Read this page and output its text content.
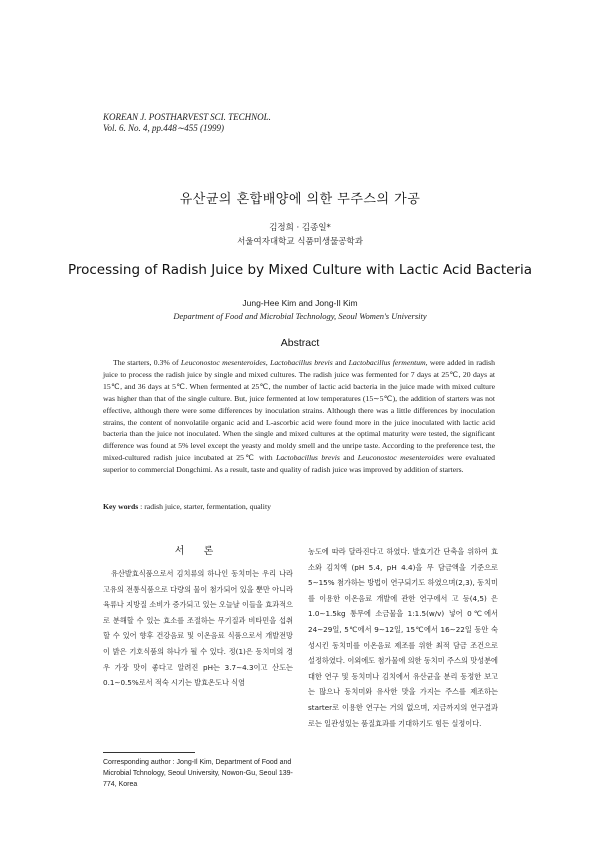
KOREAN J. POSTHARVEST SCI. TECHNOL.
Vol. 6. No. 4, pp.448∼455 (1999)
유산균의 혼합배양에 의한 무주스의 가공
김정희 · 김종일*
서울여자대학교 식품미생물공학과
Processing of Radish Juice by Mixed Culture with Lactic Acid Bacteria
Jung-Hee Kim and Jong-Il Kim
Department of Food and Microbial Technology, Seoul Women's University
Abstract

The starters, 0.3% of Leuconostoc mesenteroides, Lactobacillus brevis and Lactobacillus fermentum, were added in radish juice to process the radish juice by single and mixed cultures. The radish juice was fermented for 7 days at 25℃, 20 days at 15℃, and 36 days at 5℃. When fermented at 25℃, the number of lactic acid bacteria in the juice made with mixed culture was higher than that of the single culture. But, juice fermented at low temperatures (15∼5℃), the addition of starters was not effective, although there were some differences by inoculation strains. Although there was a little differences by inoculation strains, the content of nonvolatile organic acid and L-ascorbic acid were found more in the juice inoculated with lactic acid bacteria than the juice not inoculated. When the single and mixed cultures at the optimal maturity were tested, the significant difference was found at 5% level except the yeasty and moldy smell and the unripe taste. According to the preference test, the mixed-cultured radish juice incubated at 25℃ with Lactobacillus brevis and Leuconostoc mesenteroides were evaluated superior to commercial Dongchimi. As a result, taste and quality of radish juice was improved by addition of starters.

Key words : radish juice, starter, fermentation, quality
서 론

유산발효식품으로서 김치류의 하나인 동치미는 우리 나라 고유의 전통식품으로 다량의 물이 첨가되어 있을 뿐만 아니라 육류나 지방질 소비가 증가되고 있는 오늘날 이들을 효과적으로 분해할 수 있는 효소를 조절하는 무기질과 비타민을 섭취할 수 있어 향후 건강음료 및 이온음료 식품으로서 개발전망이 밝은 기호식품의 하나가 될 수 있다. 정(1)은 동치미의 경우 가장 맛이 좋다고 알려진 pH는 3.7∼4.3이고 산도는 0.1∼0.5%로서 적숙 시기는 발효온도나 식염

농도에 따라 달라진다고 하였다. 발효기간 단축을 위하여 효소와 김치액 (pH 5.4, pH 4.4)을 무 담금액을 기준으로 5∼15% 첨가하는 방법이 연구되기도 하였으며(2,3), 동치미를 이용한 이온음료 개발에 관한 연구에서 고 등(4,5) 은 1.0∼1.5kg 통무에 소금물을 1:1.5(w/v) 넣어 0℃에서 24∼29일, 5℃에서 9∼12일, 15℃에서 16∼22일 동안 숙성시킨 동치미를 이온음료 제조를 위한 최적 담금 조건으로 설정하였다. 이외에도 첨가물에 의한 동치미 주스의 맛성분에 대한 연구 및 동치미나 김치에서 유산균을 분리 동정한 보고는 많으나 동치미와 유사한 맛을 가지는 주스를 제조하는 starter로 이용한 연구는 거의 없으며, 지금까지의 연구결과로는 일관성있는 품질효과를 기대하기도 힘든 실정이다.

Corresponding author : Jong-Il Kim, Department of Food and Microbial Tchnology, Seoul University, Nowon-Gu, Seoul 139-774, Korea
